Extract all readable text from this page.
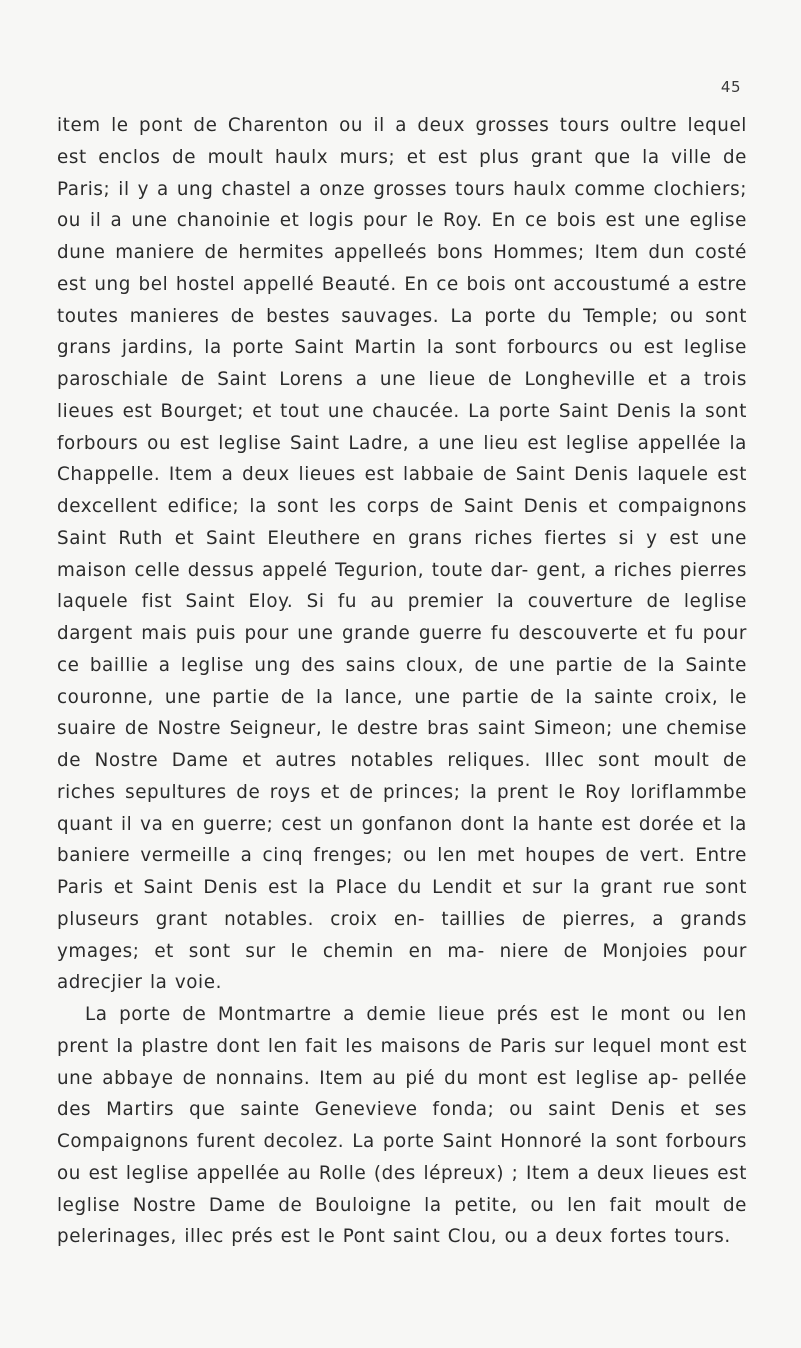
45

item le pont de Charenton ou il a deux grosses tours oultre lequel est enclos de moult haulx murs; et est plus grant que la ville de Paris; il y a ung chastel a onze grosses tours haulx comme clochiers; ou il a une chanoinie et logis pour le Roy. En ce bois est une eglise dune maniere de hermites appelleés bons Hommes; Item dun costé est ung bel hostel appellé Beauté. En ce bois ont accoustumé a estre toutes manieres de bestes sauvages. La porte du Temple; ou sont grans jardins, la porte Saint Martin la sont forbourcs ou est leglise paroschiale de Saint Lorens a une lieue de Longheville et a trois lieues est Bourget; et tout une chaucée. La porte Saint Denis la sont forbours ou est leglise Saint Ladre, a une lieu est leglise appellée la Chappelle. Item a deux lieues est labbaie de Saint Denis laquele est dexcellent edifice; la sont les corps de Saint Denis et compaignons Saint Ruth et Saint Eleuthere en grans riches fiertes si y est une maison celle dessus appelé Tegurion, toute dar- gent, a riches pierres laquele fist Saint Eloy. Si fu au premier la couverture de leglise dargent mais puis pour une grande guerre fu descouverte et fu pour ce baillie a leglise ung des sains cloux, de une partie de la Sainte couronne, une partie de la lance, une partie de la sainte croix, le suaire de Nostre Seigneur, le destre bras saint Simeon; une chemise de Nostre Dame et autres notables reliques. Illec sont moult de riches sepultures de roys et de princes; la prent le Roy loriflammbe quant il va en guerre; cest un gonfanon dont la hante est dorée et la baniere vermeille a cinq frenges; ou len met houpes de vert. Entre Paris et Saint Denis est la Place du Lendit et sur la grant rue sont pluseurs grant notables. croix en- taillies de pierres, a grands ymages; et sont sur le chemin en ma- niere de Monjoies pour adrecjier la voie.

La porte de Montmartre a demie lieue prés est le mont ou len prent la plastre dont len fait les maisons de Paris sur lequel mont est une abbaye de nonnains. Item au pié du mont est leglise ap- pellée des Martirs que sainte Genevieve fonda; ou saint Denis et ses Compaignons furent decolez. La porte Saint Honnoré la sont forbours ou est leglise appellée au Rolle (des lépreux) ; Item a deux lieues est leglise Nostre Dame de Bouloigne la petite, ou len fait moult de pelerinages, illec prés est le Pont saint Clou, ou a deux fortes tours.
